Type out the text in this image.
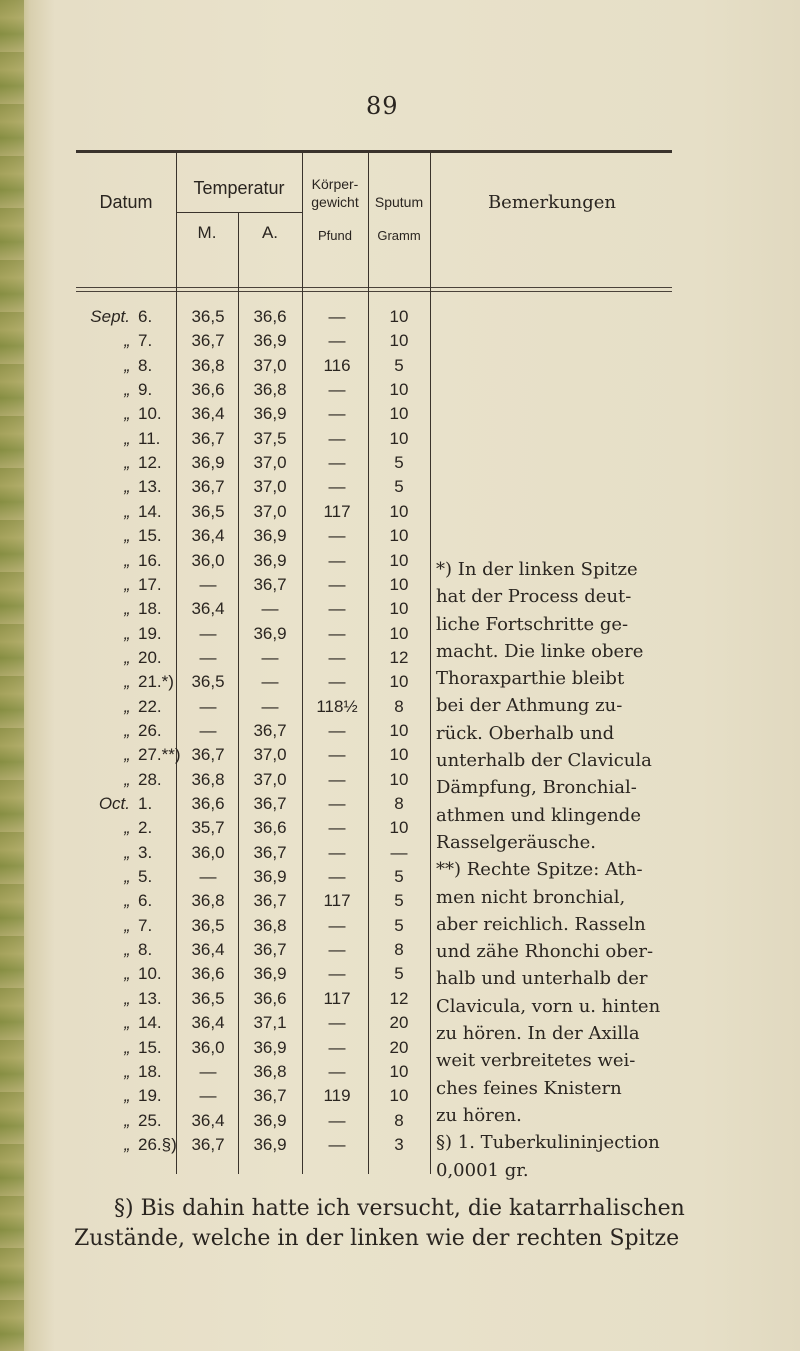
89
Datum
Temperatur
M.	A.
Körper-
gewicht
Pfund
Sputum
Gramm
Bemerkungen
Sept. 6.	36,5	36,6	—	10
„ 7.	36,7	36,9	—	10
„ 8.	36,8	37,0	116	5
„ 9.	36,6	36,8	—	10
„ 10.	36,4	36,9	—	10
„ 11.	36,7	37,5	—	10
„ 12.	36,9	37,0	—	5
„ 13.	36,7	37,0	—	5
„ 14.	36,5	37,0	117	10
„ 15.	36,4	36,9	—	10
„ 16.	36,0	36,9	—	10
„ 17.	—	36,7	—	10
„ 18.	36,4	—	—	10
„ 19.	—	36,9	—	10
„ 20.	—	—	—	12
„ 21.*)	36,5	—	—	10
„ 22.	—	—	118½	8
„ 26.	—	36,7	—	10
„ 27.**) 36,7	37,0	—	10
„ 28.	36,8	37,0	—	10
Oct. 1.	36,6	36,7	—	8
„ 2.	35,7	36,6	—	10
„ 3.	36,0	36,7	—	—
„ 5.	—	36,9	—	5
„ 6.	36,8	36,7	117	5
„ 7.	36,5	36,8	—	5
„ 8.	36,4	36,7	—	8
„ 10.	36,6	36,9	—	5
„ 13.	36,5	36,6	117	12
„ 14.	36,4	37,1	—	20
„ 15.	36,0	36,9	—	20
„ 18.	—	36,8	—	10
„ 19.	—	36,7	119	10
„ 25.	36,4	36,9	—	8
„ 26.§) 36,7	36,9	—	3
*) In der linken Spitze
hat der Process deut-
liche Fortschritte ge-
macht. Die linke obere
Thoraxparthie bleibt
bei der Athmung zu-
rück. Oberhalb und
unterhalb der Clavicula
Dämpfung, Bronchial-
athmen und klingende
Rasselgeräusche.
**) Rechte Spitze: Ath-
men nicht bronchial,
aber reichlich. Rasseln
und zähe Rhonchi ober-
halb und unterhalb der
Clavicula, vorn u. hinten
zu hören. In der Axilla
weit verbreitetes wei-
ches feines Knistern
zu hören.
§) 1. Tuberkulininjection
0,0001 gr.
§) Bis dahin hatte ich versucht, die katarrhalischen
Zustände, welche in der linken wie der rechten Spitze
